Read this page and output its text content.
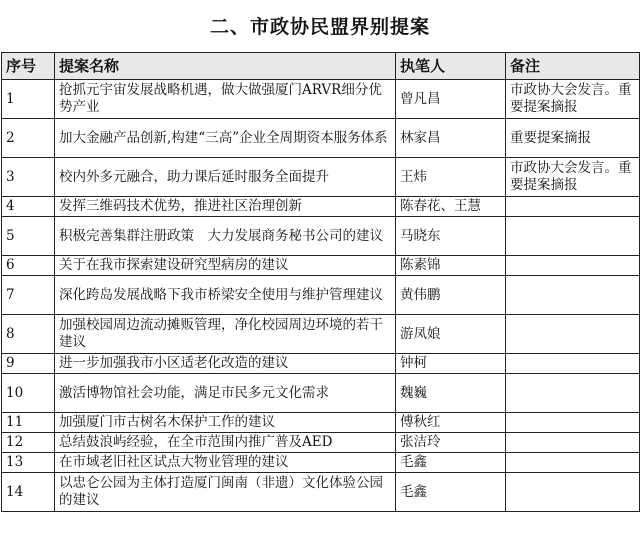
二、市政协民盟界别提案
序号	提案名称	执笔人	备注
1	抢抓元宇宙发展战略机遇，做大做强厦门ARVR细分优势产业	曾凡昌	市政协大会发言。重要提案摘报
2	加大金融产品创新,构建“三高”企业全周期资本服务体系	林家昌	重要提案摘报
3	校内外多元融合，助力课后延时服务全面提升	王炜	市政协大会发言。重要提案摘报
4	发挥三维码技术优势，推进社区治理创新	陈春花、王慧	
5	积极完善集群注册政策　大力发展商务秘书公司的建议	马晓东	
6	关于在我市探索建设研究型病房的建议	陈素锦	
7	深化跨岛发展战略下我市桥梁安全使用与维护管理建议	黄伟鹏	
8	加强校园周边流动摊贩管理，净化校园周边环境的若干建议	游凤娘	
9	进一步加强我市小区适老化改造的建议	钟柯	
10	激活博物馆社会功能，满足市民多元文化需求	魏巍	
11	加强厦门市古树名木保护工作的建议	傅秋红	
12	总结鼓浪屿经验，在全市范围内推广普及AED	张洁玲	
13	在市域老旧社区试点大物业管理的建议	毛鑫	
14	以忠仑公园为主体打造厦门闽南（非遗）文化体验公园的建议	毛鑫	
